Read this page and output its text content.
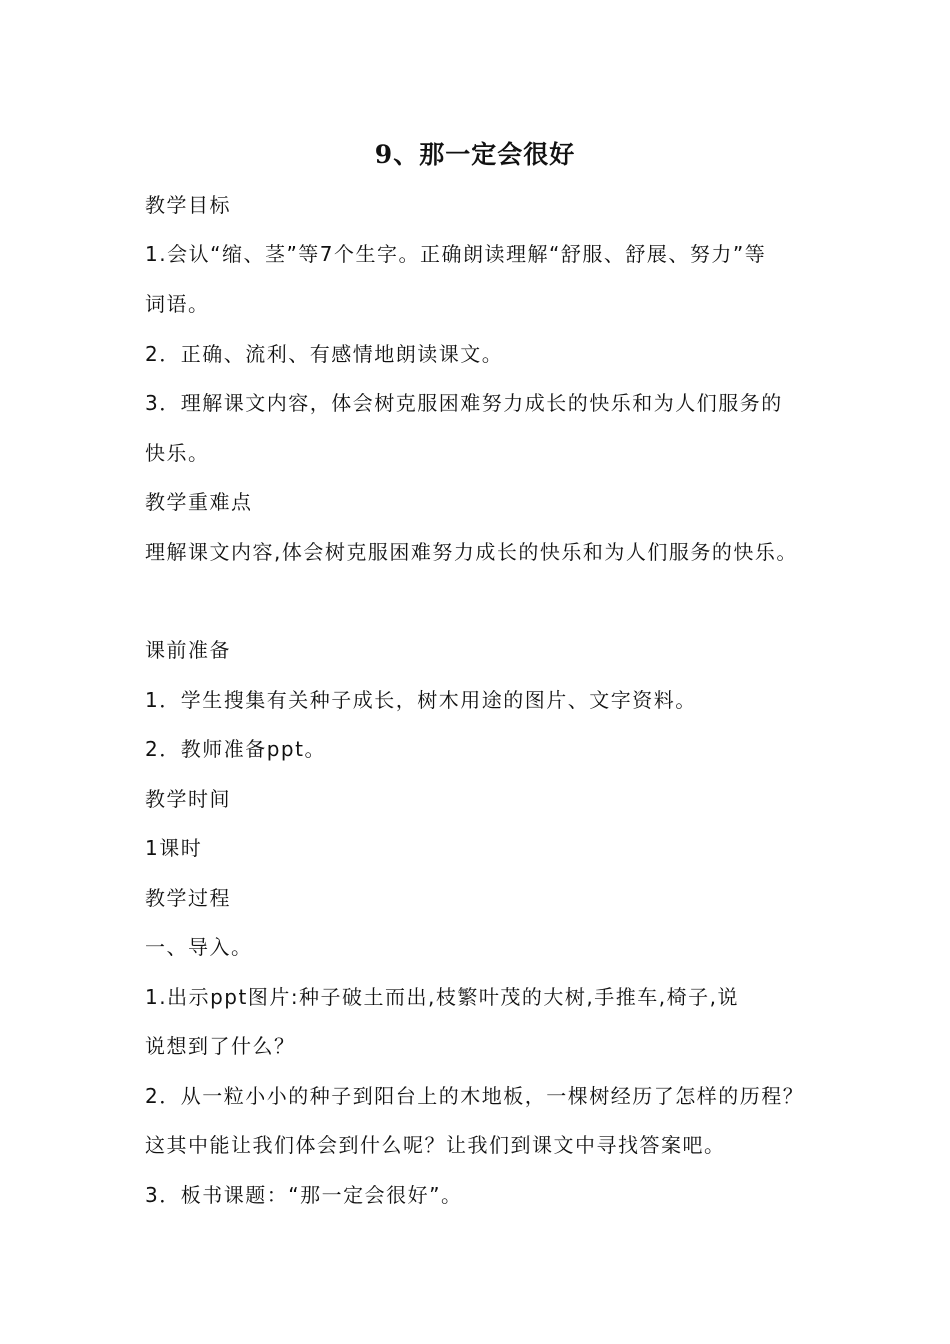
9、那一定会很好
教学目标
1.会认“缩、茎”等7个生字。正确朗读理解“舒服、舒展、努力”等
词语。
2．正确、流利、有感情地朗读课文。
3．理解课文内容，体会树克服困难努力成长的快乐和为人们服务的
快乐。
教学重难点
理解课文内容,体会树克服困难努力成长的快乐和为人们服务的快乐。
课前准备
1．学生搜集有关种子成长，树木用途的图片、文字资料。
2．教师准备ppt。
教学时间
1课时
教学过程
一、导入。
1.出示ppt图片:种子破土而出,枝繁叶茂的大树,手推车,椅子,说
说想到了什么？
2．从一粒小小的种子到阳台上的木地板，一棵树经历了怎样的历程？
这其中能让我们体会到什么呢？让我们到课文中寻找答案吧。
3．板书课题：“那一定会很好”。
